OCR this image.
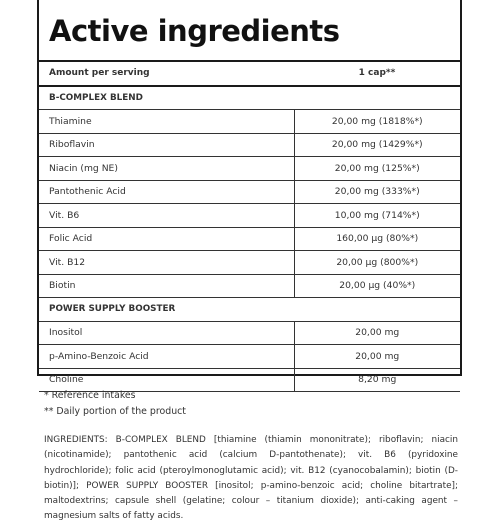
Active ingredients
Amount per serving	1 cap**
B-COMPLEX BLEND	
Thiamine	20,00 mg (1818%*)
Riboflavin	20,00 mg (1429%*)
Niacin (mg NE)	20,00 mg (125%*)
Pantothenic Acid	20,00 mg (333%*)
Vit. B6	10,00 mg (714%*)
Folic Acid	160,00 µg (80%*)
Vit. B12	20,00 µg (800%*)
Biotin	20,00 µg (40%*)
POWER SUPPLY BOOSTER	
Inositol	20,00 mg
p-Amino-Benzoic Acid	20,00 mg
Choline	8,20 mg
* Reference intakes
** Daily portion of the product
INGREDIENTS: B-COMPLEX BLEND [thiamine (thiamin mononitrate); riboflavin; niacin (nicotinamide); pantothenic acid (calcium D-pantothenate); vit. B6 (pyridoxine hydrochloride); folic acid (pteroylmonoglutamic acid); vit. B12 (cyanocobalamin); biotin (D-biotin)]; POWER SUPPLY BOOSTER [inositol; p-amino-benzoic acid; choline bitartrate]; maltodextrins; capsule shell (gelatine; colour – titanium dioxide); anti-caking agent – magnesium salts of fatty acids.
